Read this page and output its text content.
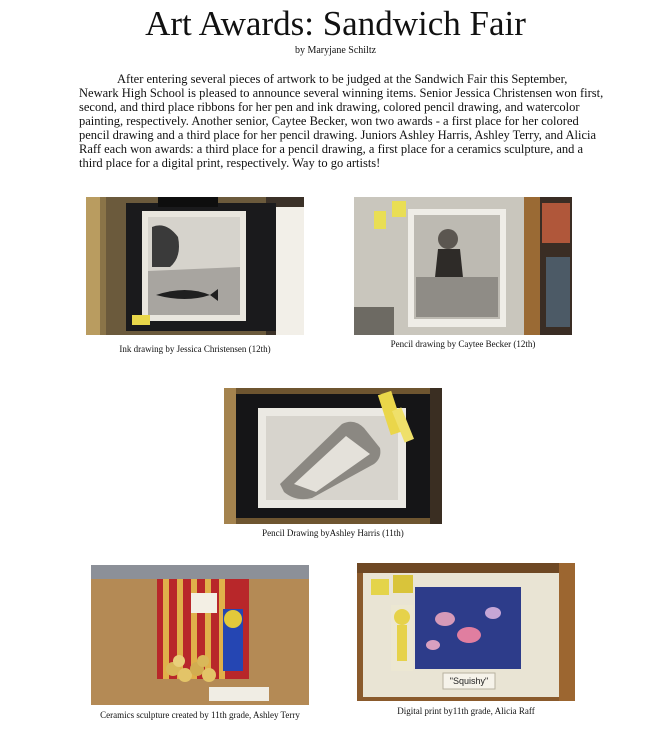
Art Awards: Sandwich Fair
by Maryjane Schiltz

After entering several pieces of artwork to be judged at the Sandwich Fair this September, Newark High School is pleased to announce several winning items. Senior Jessica Christensen won first, second, and third place ribbons for her pen and ink drawing, colored pencil drawing, and watercolor painting, respectively. Another senior, Caytee Becker, won two awards - a first place for her colored pencil drawing and a third place for her pencil drawing. Juniors Ashley Harris, Ashley Terry, and Alicia Raff each won awards: a third place for a pencil drawing, a first place for a ceramics sculpture, and a third place for a digital print, respectively. Way to go artists!

Ink drawing by Jessica Christensen (12th)	Pencil drawing by Caytee Becker (12th)
Pencil Drawing byAshley Harris (11th)
Ceramics sculpture created by 11th grade, Ashley Terry
"Squishy"
Digital print by11th grade, Alicia Raff
